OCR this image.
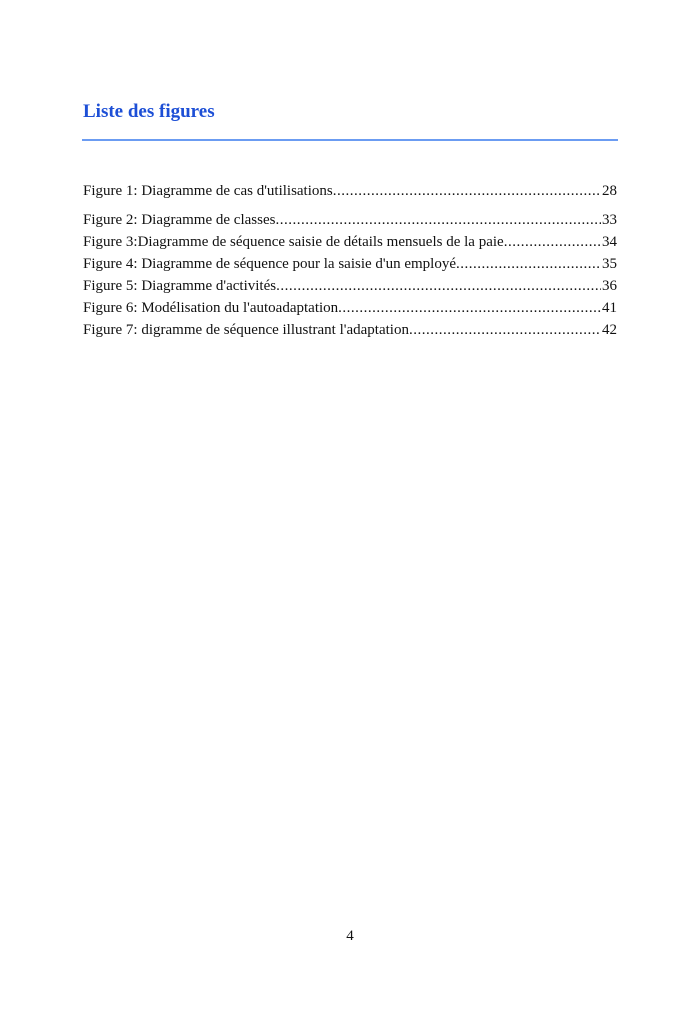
Liste des figures
Figure 1: Diagramme de cas d'utilisations .....	28
Figure 2: Diagramme de classes .....	33
Figure 3:Diagramme de séquence saisie de détails mensuels de la paie .....	34
Figure 4: Diagramme de séquence pour la saisie d'un employé .....	35
Figure 5: Diagramme d'activités .....	36
Figure 6: Modélisation du l'autoadaptation .....	41
Figure 7: digramme de séquence illustrant l'adaptation .....	42
4
